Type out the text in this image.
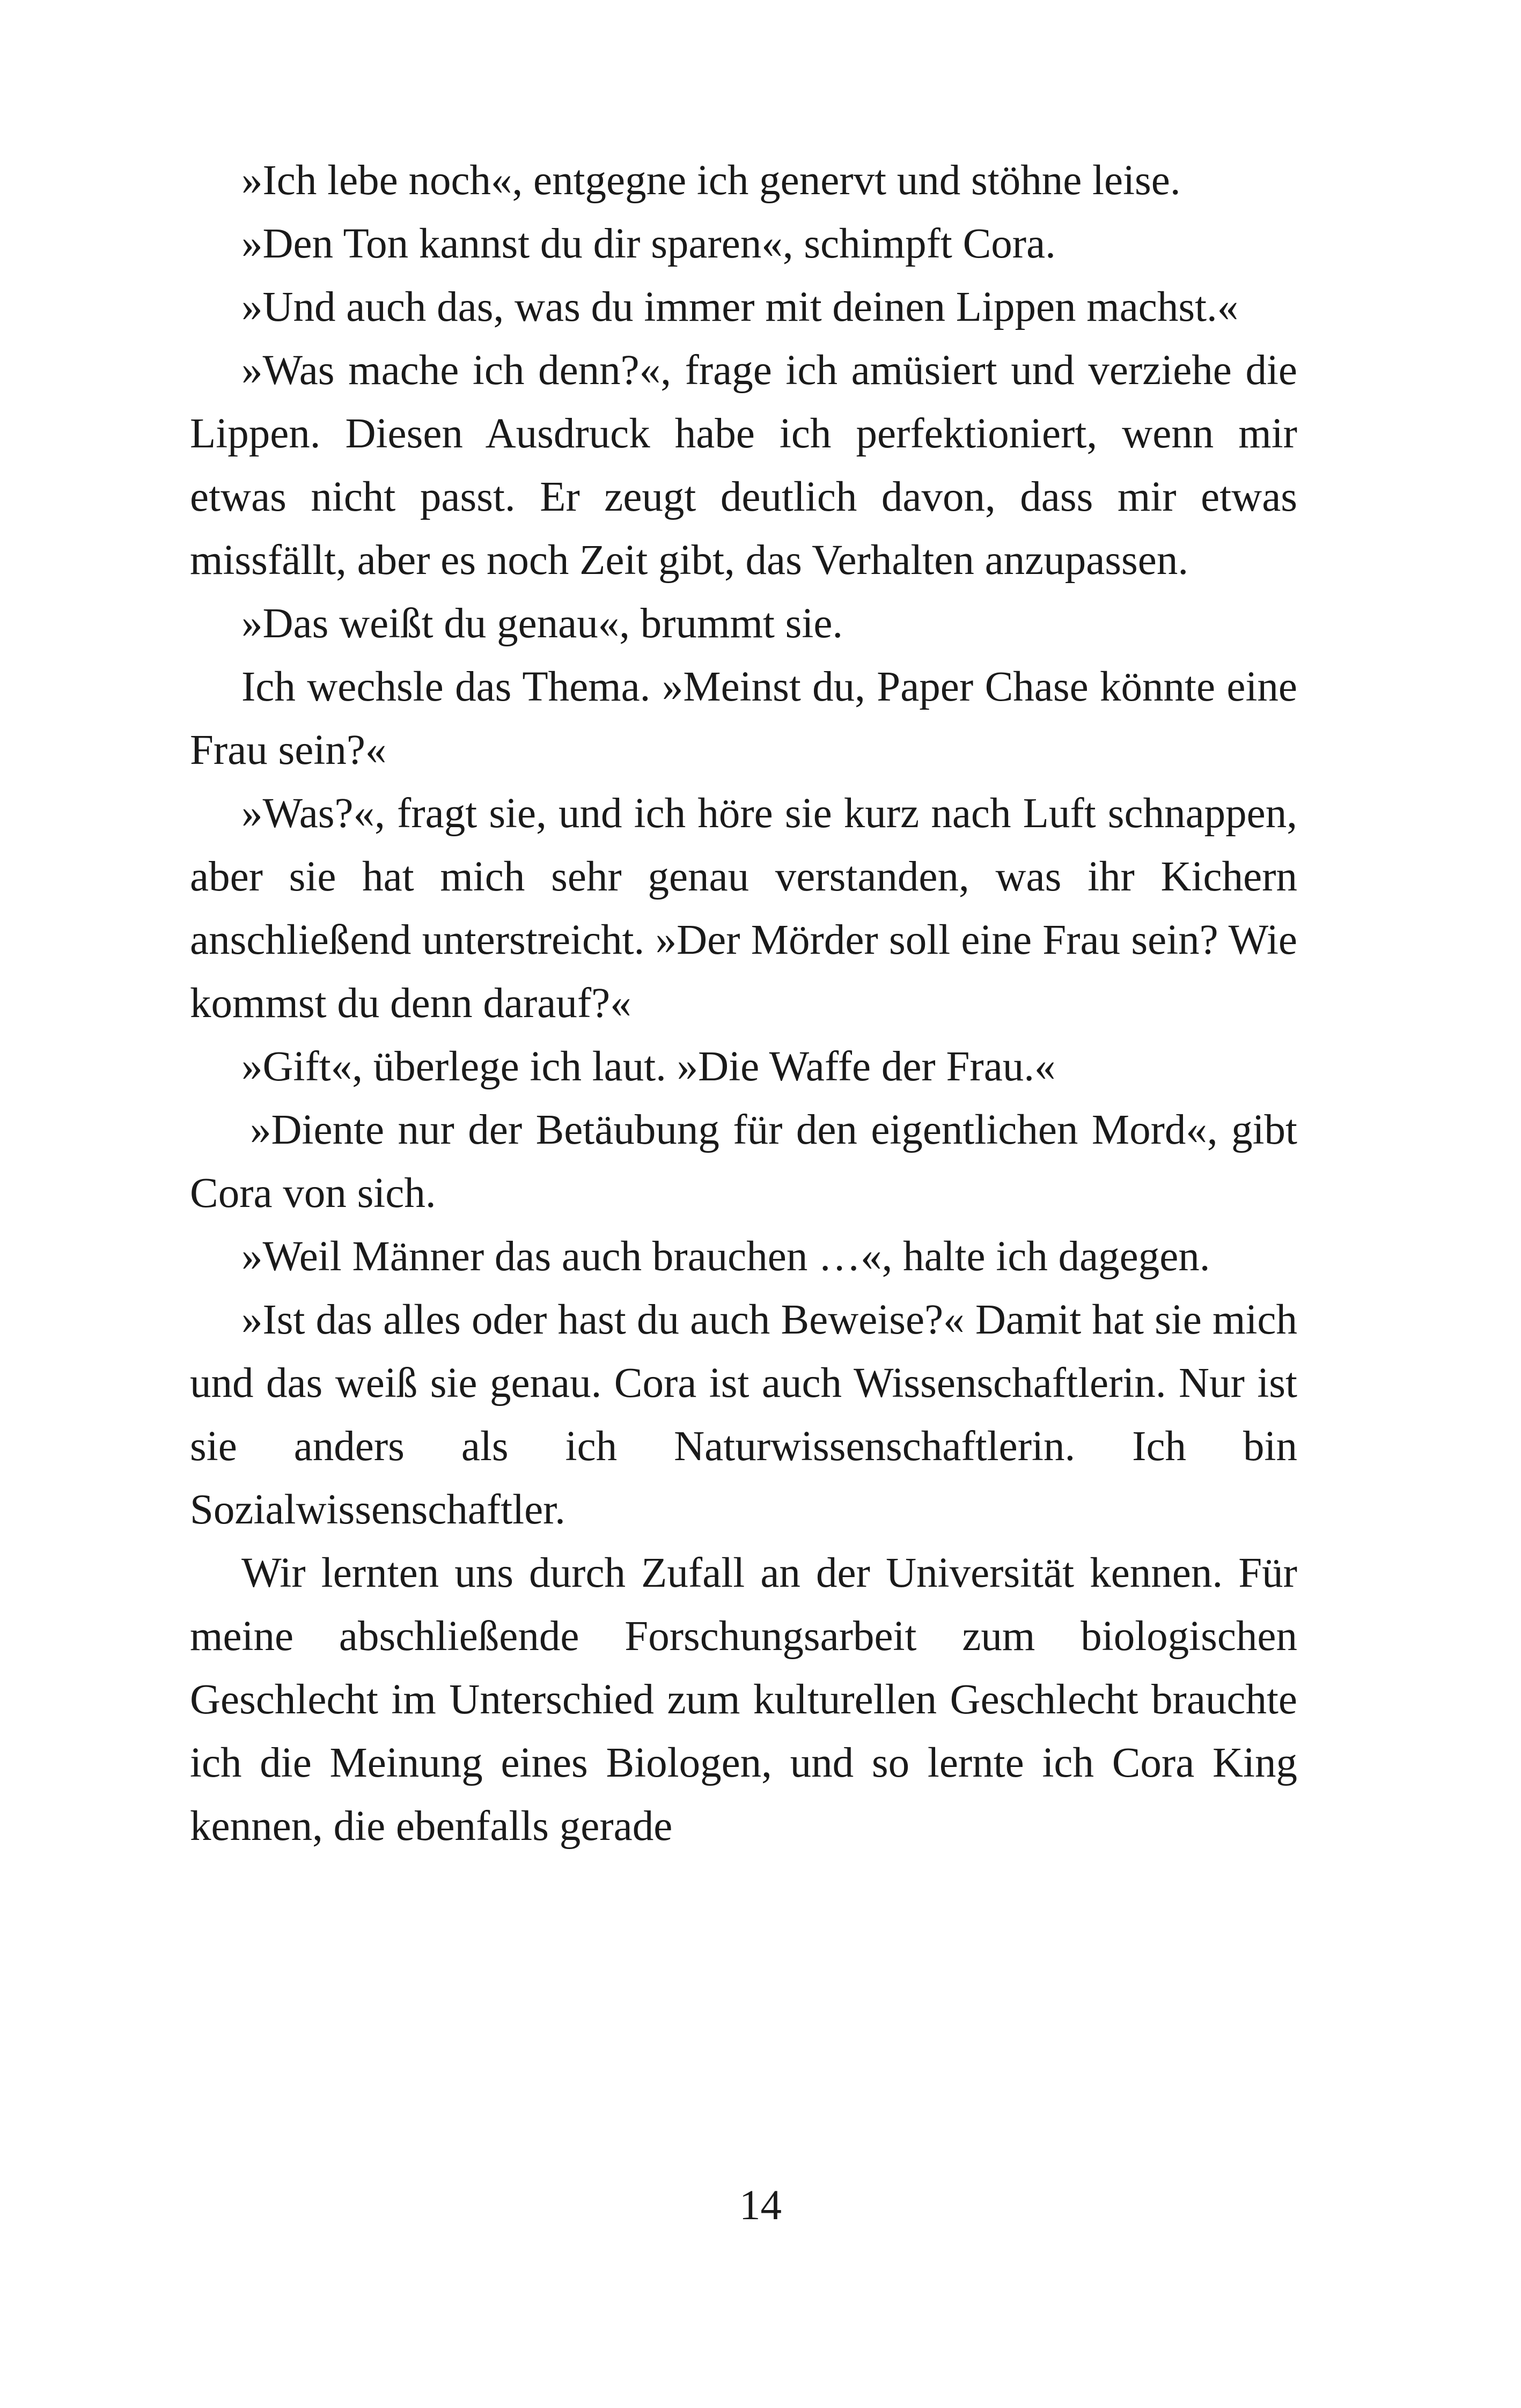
»Ich lebe noch«, entgegne ich genervt und stöhne leise.

»Den Ton kannst du dir sparen«, schimpft Cora.

»Und auch das, was du immer mit deinen Lippen machst.«

»Was mache ich denn?«, frage ich amüsiert und verziehe die Lippen. Diesen Ausdruck habe ich perfektioniert, wenn mir etwas nicht passt. Er zeugt deutlich davon, dass mir etwas missfällt, aber es noch Zeit gibt, das Verhalten anzupassen.

»Das weißt du genau«, brummt sie.

Ich wechsle das Thema. »Meinst du, Paper Chase könnte eine Frau sein?«

»Was?«, fragt sie, und ich höre sie kurz nach Luft schnappen, aber sie hat mich sehr genau verstanden, was ihr Kichern anschließend unterstreicht. »Der Mörder soll eine Frau sein? Wie kommst du denn darauf?«

»Gift«, überlege ich laut. »Die Waffe der Frau.«

»Diente nur der Betäubung für den eigentlichen Mord«, gibt Cora von sich.

»Weil Männer das auch brauchen …«, halte ich dagegen.

»Ist das alles oder hast du auch Beweise?« Damit hat sie mich und das weiß sie genau. Cora ist auch Wissenschaftlerin. Nur ist sie anders als ich Naturwissenschaftlerin. Ich bin Sozialwissenschaftler.

Wir lernten uns durch Zufall an der Universität kennen. Für meine abschließende Forschungsarbeit zum biologischen Geschlecht im Unterschied zum kulturellen Geschlecht brauchte ich die Meinung eines Biologen, und so lernte ich Cora King kennen, die ebenfalls gerade

14
